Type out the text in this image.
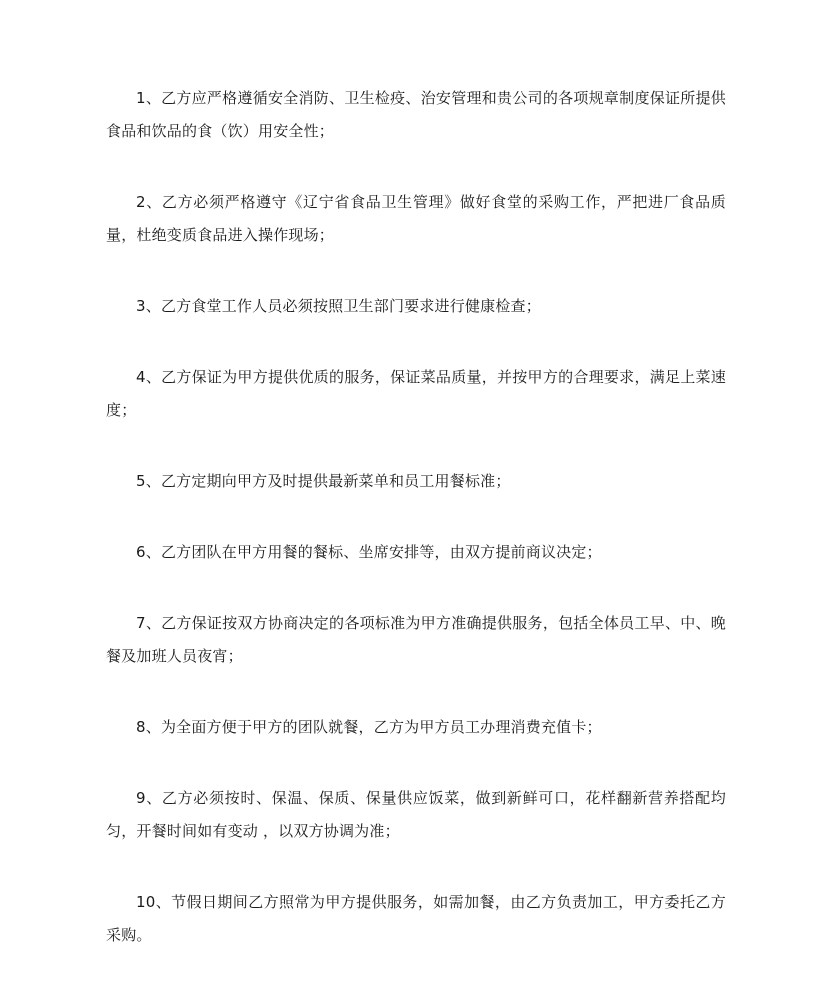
1、乙方应严格遵循安全消防、卫生检疫、治安管理和贵公司的各项规章制度保证所提供食品和饮品的食（饮）用安全性；
2、乙方必须严格遵守《辽宁省食品卫生管理》做好食堂的采购工作，严把进厂食品质量，杜绝变质食品进入操作现场；
3、乙方食堂工作人员必须按照卫生部门要求进行健康检查；
4、乙方保证为甲方提供优质的服务，保证菜品质量，并按甲方的合理要求，满足上菜速度；
5、乙方定期向甲方及时提供最新菜单和员工用餐标准；
6、乙方团队在甲方用餐的餐标、坐席安排等，由双方提前商议决定；
7、乙方保证按双方协商决定的各项标准为甲方准确提供服务，包括全体员工早、中、晚餐及加班人员夜宵；
8、为全面方便于甲方的团队就餐，乙方为甲方员工办理消费充值卡；
9、乙方必须按时、保温、保质、保量供应饭菜，做到新鲜可口，花样翻新营养搭配均匀，开餐时间如有变动 ，以双方协调为准；
10、节假日期间乙方照常为甲方提供服务，如需加餐，由乙方负责加工，甲方委托乙方采购。
